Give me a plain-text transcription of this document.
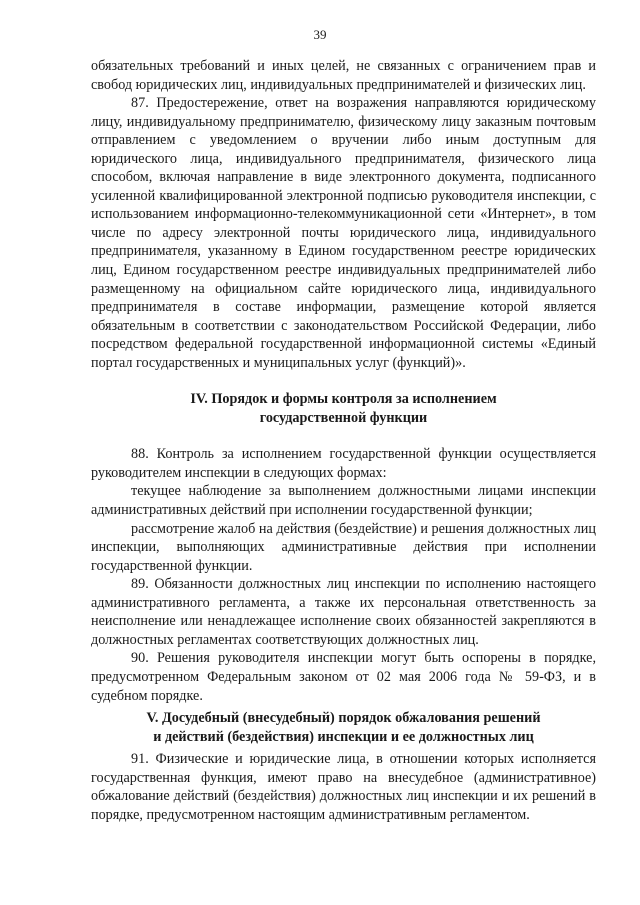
39

обязательных требований и иных целей, не связанных с ограничением прав и свобод юридических лиц, индивидуальных предпринимателей и физических лиц.

87. Предостережение, ответ на возражения направляются юридическому лицу, индивидуальному предпринимателю, физическому лицу заказным почтовым отправлением с уведомлением о вручении либо иным доступным для юридического лица, индивидуального предпринимателя, физического лица способом, включая направление в виде электронного документа, подписанного усиленной квалифицированной электронной подписью руководителя инспекции, с использованием информационно-телекоммуникационной сети «Интернет», в том числе по адресу электронной почты юридического лица, индивидуального предпринимателя, указанному в Едином государственном реестре юридических лиц, Едином государственном реестре индивидуальных предпринимателей либо размещенному на официальном сайте юридического лица, индивидуального предпринимателя в составе информации, размещение которой является обязательным в соответствии с законодательством Российской Федерации, либо посредством федеральной государственной информационной системы «Единый портал государственных и муниципальных услуг (функций)».

IV. Порядок и формы контроля за исполнением
государственной функции

88. Контроль за исполнением государственной функции осуществляется руководителем инспекции в следующих формах:

текущее наблюдение за выполнением должностными лицами инспекции административных действий при исполнении государственной функции;

рассмотрение жалоб на действия (бездействие) и решения должностных лиц инспекции, выполняющих административные действия при исполнении государственной функции.

89. Обязанности должностных лиц инспекции по исполнению настоящего административного регламента, а также их персональная ответственность за неисполнение или ненадлежащее исполнение своих обязанностей закрепляются в должностных регламентах соответствующих должностных лиц.

90. Решения руководителя инспекции могут быть оспорены в порядке, предусмотренном Федеральным законом от 02 мая 2006 года № 59-ФЗ, и в судебном порядке.

V. Досудебный (внесудебный) порядок обжалования решений
и действий (бездействия) инспекции и ее должностных лиц

91. Физические и юридические лица, в отношении которых исполняется государственная функция, имеют право на внесудебное (административное) обжалование действий (бездействия) должностных лиц инспекции и их решений в порядке, предусмотренном настоящим административным регламентом.
